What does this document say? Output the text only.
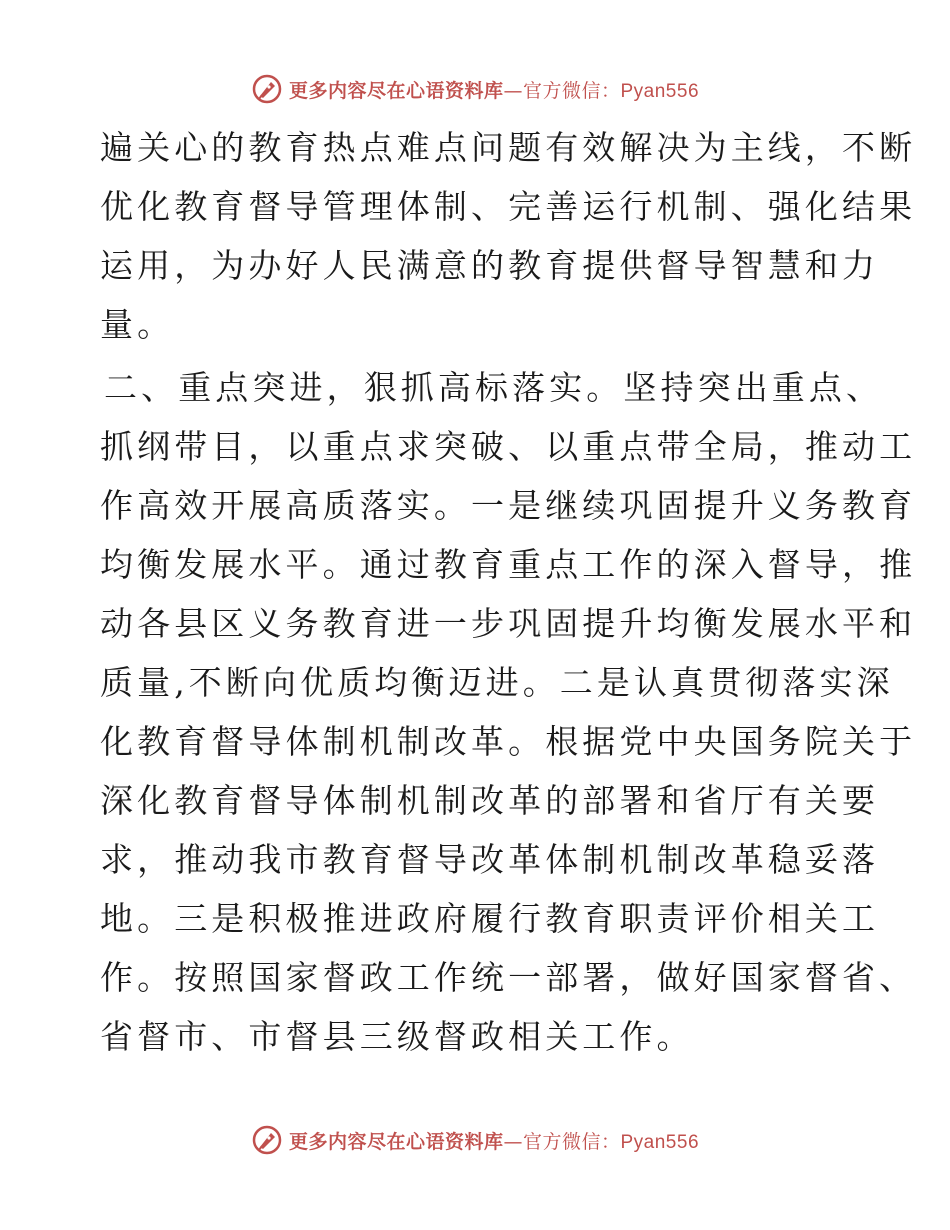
更多内容尽在心语资料库—官方微信：Pyan556
遍关心的教育热点难点问题有效解决为主线，不断
优化教育督导管理体制、完善运行机制、强化结果
运用，为办好人民满意的教育提供督导智慧和力
量。
二、重点突进，狠抓高标落实。坚持突出重点、
抓纲带目，以重点求突破、以重点带全局，推动工
作高效开展高质落实。一是继续巩固提升义务教育
均衡发展水平。通过教育重点工作的深入督导，推
动各县区义务教育进一步巩固提升均衡发展水平和
质量,不断向优质均衡迈进。二是认真贯彻落实深
化教育督导体制机制改革。根据党中央国务院关于
深化教育督导体制机制改革的部署和省厅有关要
求，推动我市教育督导改革体制机制改革稳妥落
地。三是积极推进政府履行教育职责评价相关工
作。按照国家督政工作统一部署，做好国家督省、
省督市、市督县三级督政相关工作。
更多内容尽在心语资料库—官方微信：Pyan556
